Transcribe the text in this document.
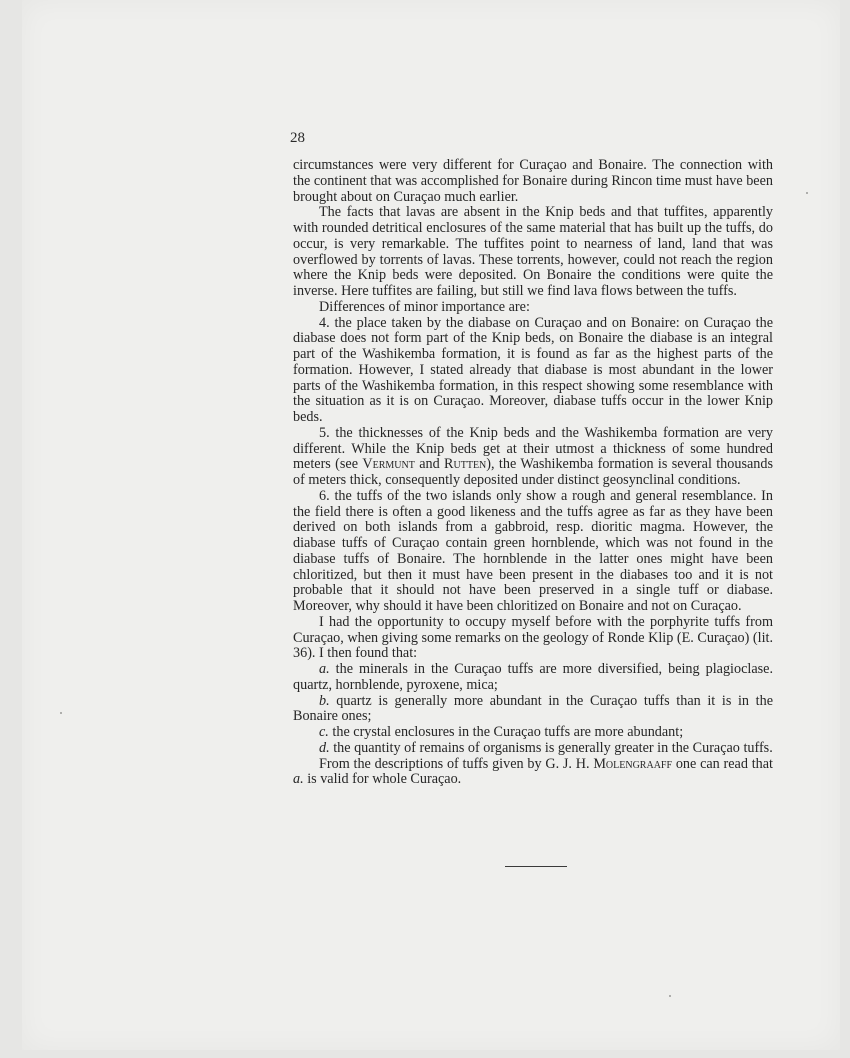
28

circumstances were very different for Curaçao and Bonaire. The connection with the continent that was accomplished for Bonaire during Rincon time must have been brought about on Curaçao much earlier.

The facts that lavas are absent in the Knip beds and that tuffites, apparently with rounded detritical enclosures of the same material that has built up the tuffs, do occur, is very remarkable. The tuffites point to nearness of land, land that was overflowed by torrents of lavas. These torrents, however, could not reach the region where the Knip beds were deposited. On Bonaire the conditions were quite the inverse. Here tuffites are failing, but still we find lava flows between the tuffs.

Differences of minor importance are:

4. the place taken by the diabase on Curaçao and on Bonaire: on Curaçao the diabase does not form part of the Knip beds, on Bonaire the diabase is an integral part of the Washikemba formation, it is found as far as the highest parts of the formation. However, I stated already that diabase is most abundant in the lower parts of the Washikemba formation, in this respect showing some resemblance with the situation as it is on Curaçao. Moreover, diabase tuffs occur in the lower Knip beds.

5. the thicknesses of the Knip beds and the Washikemba formation are very different. While the Knip beds get at their utmost a thickness of some hundred meters (see Vermunt and Rutten), the Washikemba formation is several thousands of meters thick, consequently deposited under distinct geosynclinal conditions.

6. the tuffs of the two islands only show a rough and general resemblance. In the field there is often a good likeness and the tuffs agree as far as they have been derived on both islands from a gabbroid, resp. dioritic magma. However, the diabase tuffs of Curaçao contain green hornblende, which was not found in the diabase tuffs of Bonaire. The hornblende in the latter ones might have been chloritized, but then it must have been present in the diabases too and it is not probable that it should not have been preserved in a single tuff or diabase. Moreover, why should it have been chloritized on Bonaire and not on Curaçao.

I had the opportunity to occupy myself before with the porphyrite tuffs from Curaçao, when giving some remarks on the geology of Ronde Klip (E. Curaçao) (lit. 36). I then found that:

a. the minerals in the Curaçao tuffs are more diversified, being plagioclase. quartz, hornblende, pyroxene, mica;

b. quartz is generally more abundant in the Curaçao tuffs than it is in the Bonaire ones;

c. the crystal enclosures in the Curaçao tuffs are more abundant;

d. the quantity of remains of organisms is generally greater in the Curaçao tuffs.

From the descriptions of tuffs given by G. J. H. Molengraaff one can read that a. is valid for whole Curaçao.
